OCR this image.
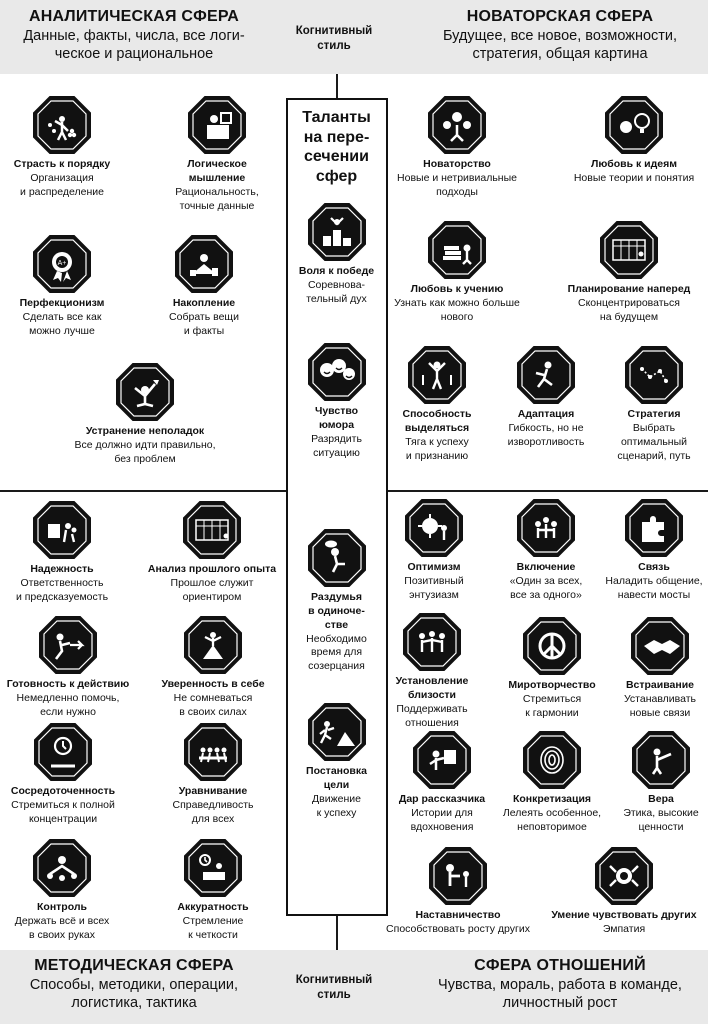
АНАЛИТИЧЕСКАЯ СФЕРА
Данные, факты, числа, все логи-
ческое и рациональное
Когнитивный
стиль
НОВАТОРСКАЯ СФЕРА
Будущее, все новое, возможности,
стратегия, общая картина
МЕТОДИЧЕСКАЯ СФЕРА
Способы, методики, операции,
логистика, тактика
Когнитивный
стиль
СФЕРА ОТНОШЕНИЙ
Чувства, мораль, работа в команде,
личностный рост
Таланты
на пере-
сечении
сфер
Страсть к порядку
Организация
и распределение
Логическое
мышление
Рациональность,
точные данные
A+
Перфекционизм
Сделать все как
можно лучше
Накопление
Собрать вещи
и факты
Устранение неполадок
Все должно идти правильно,
без проблем
Новаторство
Новые и нетривиальные
подходы
Любовь к идеям
Новые теории и понятия
Любовь к учению
Узнать как можно больше
нового
Планирование наперед
Сконцентрироваться
на будущем
Способность
выделяться
Тяга к успеху
и признанию
Адаптация
Гибкость, но не
изворотливость
Стратегия
Выбрать
оптимальный
сценарий, путь
Надежность
Ответственность
и предсказуемость
Анализ прошлого опыта
Прошлое служит
ориентиром
Готовность к действию
Немедленно помочь,
если нужно
Уверенность в себе
Не сомневаться
в своих силах
Сосредоточенность
Стремиться к полной
концентрации
Уравнивание
Справедливость
для всех
Контроль
Держать всё и всех
в своих руках
Аккуратность
Стремление
к четкости
Оптимизм
Позитивный
энтузиазм
Включение
«Один за всех,
все за одного»
Связь
Наладить общение,
навести мосты
Установление
близости
Поддерживать
отношения
Миротворчество
Стремиться
к гармонии
Встраивание
Устанавливать
новые связи
Дар рассказчика
Истории для
вдохновения
Конкретизация
Лелеять особенное,
неповторимое
Вера
Этика, высокие
ценности
Наставничество
Способствовать росту других
Умение чувствовать других
Эмпатия
Воля к победе
Соревнова-
тельный дух
Чувство
юмора
Разрядить
ситуацию
Раздумья
в одиноче-
стве
Необходимо
время для
созерцания
Постановка
цели
Движение
к успеху
